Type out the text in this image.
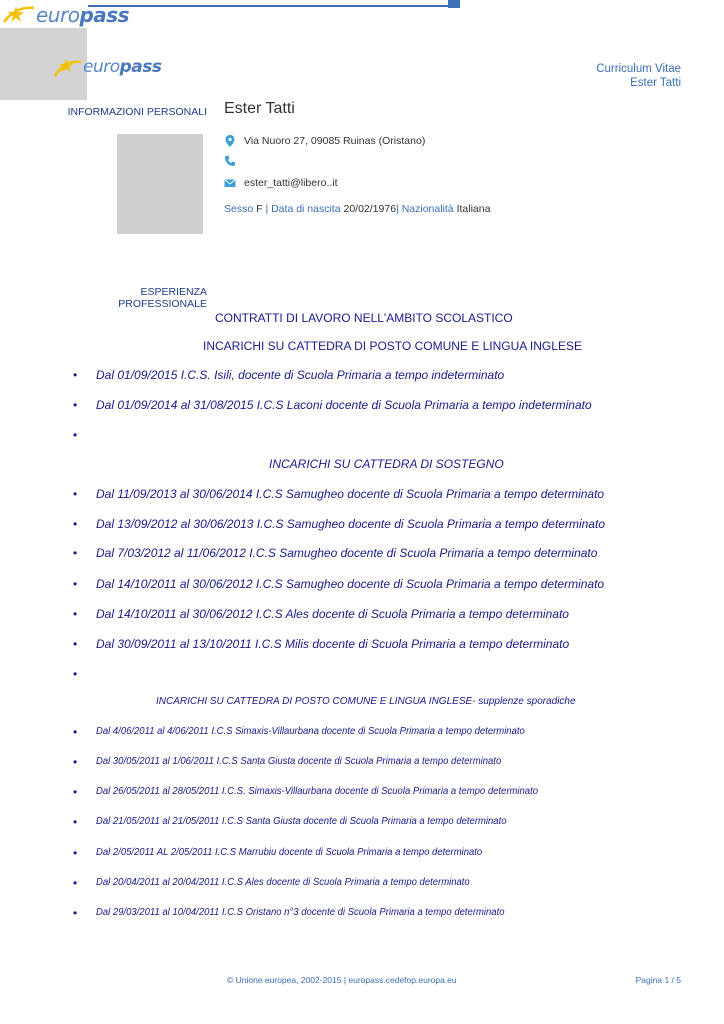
europass
europass	Curriculum Vitae
Ester Tatti
INFORMAZIONI PERSONALI Ester Tatti
Via Nuoro 27, 09085 Ruinas (Oristano)
ester_tatti@libero..it
Sesso F | Data di nascita 20/02/1976| Nazionalità Italiana
ESPERIENZA
PROFESSIONALE
CONTRATTI DI LAVORO NELL'AMBITO SCOLASTICO
INCARICHI SU CATTEDRA DI POSTO COMUNE E LINGUA INGLESE
• Dal 01/09/2015 I.C.S. Isili, docente di Scuola Primaria a tempo indeterminato
• Dal 01/09/2014 al 31/08/2015 I.C.S Laconi docente di Scuola Primaria a tempo indeterminato
•
INCARICHI SU CATTEDRA DI SOSTEGNO
• Dal 11/09/2013 al 30/06/2014 I.C.S Samugheo docente di Scuola Primaria a tempo determinato
• Dal 13/09/2012 al 30/06/2013 I.C.S Samugheo docente di Scuola Primaria a tempo determinato
• Dal 7/03/2012 al 11/06/2012 I.C.S Samugheo docente di Scuola Primaria a tempo determinato
• Dal 14/10/2011 al 30/06/2012 I.C.S Samugheo docente di Scuola Primaria a tempo determinato
• Dal 14/10/2011 al 30/06/2012 I.C.S Ales docente di Scuola Primaria a tempo determinato
• Dal 30/09/2011 al 13/10/2011 I.C.S Milis docente di Scuola Primaria a tempo determinato
•
INCARICHI SU CATTEDRA DI POSTO COMUNE E LINGUA INGLESE- supplenze sporadiche
• Dal 4/06/2011 al 4/06/2011 I.C.S Simaxis-Villaurbana docente di Scuola Primaria a tempo determinato
• Dal 30/05/2011 al 1/06/2011 I.C.S Santa Giusta docente di Scuola Primaria a tempo determinato
• Dal 26/05/2011 al 28/05/2011 I.C.S. Simaxis-Villaurbana docente di Scuola Primaria a tempo determinato
• Dal 21/05/2011 al 21/05/2011 I.C.S Santa Giusta docente di Scuola Primaria a tempo determinato
• Dal 2/05/2011 AL 2/05/2011 I.C.S Marrubiu docente di Scuola Primaria a tempo determinato
• Dal 20/04/2011 al 20/04/2011 I.C.S Ales docente di Scuola Primaria a tempo determinato
• Dal 29/03/2011 al 10/04/2011 I.C.S Oristano n°3 docente di Scuola Primaria a tempo determinato
© Unione europea, 2002-2015 | europass.cedefop.europa.eu	Pagina 1 / 5
